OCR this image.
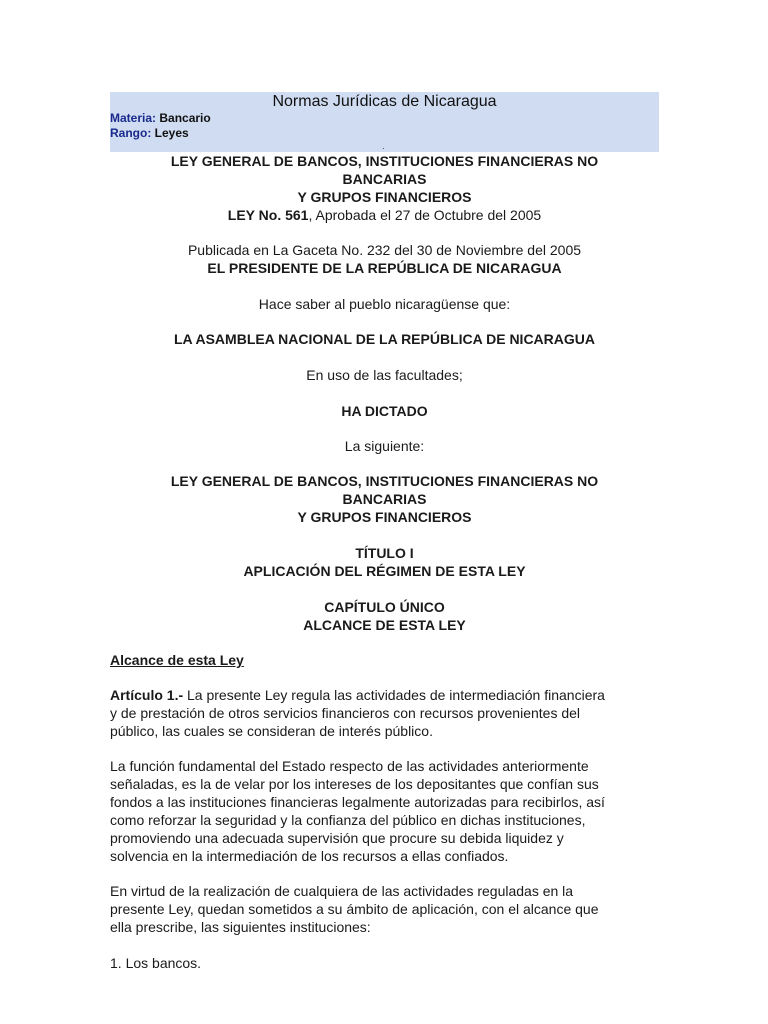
Normas Jurídicas de Nicaragua
Materia: Bancario
Rango: Leyes
.
LEY GENERAL DE BANCOS, INSTITUCIONES FINANCIERAS NO
BANCARIAS
Y GRUPOS FINANCIEROS
LEY No. 561, Aprobada el 27 de Octubre del 2005
Publicada en La Gaceta No. 232 del 30 de Noviembre del 2005
EL PRESIDENTE DE LA REPÚBLICA DE NICARAGUA
Hace saber al pueblo nicaragüense que:
LA ASAMBLEA NACIONAL DE LA REPÚBLICA DE NICARAGUA
En uso de las facultades;
HA DICTADO
La siguiente:
LEY GENERAL DE BANCOS, INSTITUCIONES FINANCIERAS NO
BANCARIAS
Y GRUPOS FINANCIEROS
TÍTULO I
APLICACIÓN DEL RÉGIMEN DE ESTA LEY
CAPÍTULO ÚNICO
ALCANCE DE ESTA LEY
Alcance de esta Ley
Artículo 1.- La presente Ley regula las actividades de intermediación financiera
y de prestación de otros servicios financieros con recursos provenientes del
público, las cuales se consideran de interés público.
La función fundamental del Estado respecto de las actividades anteriormente
señaladas, es la de velar por los intereses de los depositantes que confían sus
fondos a las instituciones financieras legalmente autorizadas para recibirlos, así
como reforzar la seguridad y la confianza del público en dichas instituciones,
promoviendo una adecuada supervisión que procure su debida liquidez y
solvencia en la intermediación de los recursos a ellas confiados.
En virtud de la realización de cualquiera de las actividades reguladas en la
presente Ley, quedan sometidos a su ámbito de aplicación, con el alcance que
ella prescribe, las siguientes instituciones:
1. Los bancos.
